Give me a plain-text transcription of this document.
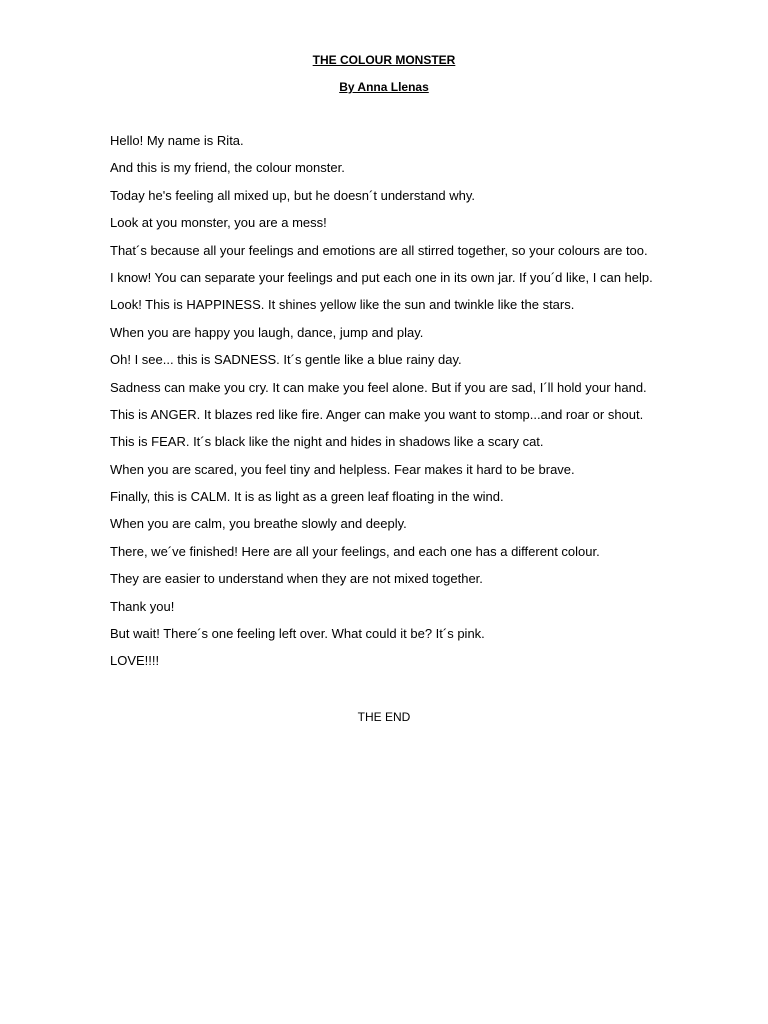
THE COLOUR MONSTER
By Anna Llenas
Hello! My name is Rita.
And this is my friend, the colour monster.
Today he's feeling all mixed up, but he doesn´t understand why.
Look at you monster, you are a mess!
That´s because all your feelings and emotions are all stirred together, so your colours are too.
I know! You can separate your feelings and put each one in its own jar. If you´d like, I can help.
Look! This is HAPPINESS. It shines yellow like the sun and twinkle like the stars.
When you are happy you laugh, dance, jump and play.
Oh! I see... this is SADNESS. It´s gentle like a blue rainy day.
Sadness can make you cry. It can make you feel alone. But if you are sad, I´ll hold your hand.
This is ANGER. It blazes red like fire. Anger can make you want to stomp...and roar or shout.
This is FEAR. It´s black like the night and hides in shadows like a scary cat.
When you are scared, you feel tiny and helpless. Fear makes it hard to be brave.
Finally, this is CALM. It is as light as a green leaf floating in the wind.
When you are calm, you breathe slowly and deeply.
There, we´ve finished! Here are all your feelings, and each one has a different colour.
They are easier to understand when they are not mixed together.
Thank you!
But wait! There´s one feeling left over. What could it be? It´s pink.
LOVE!!!!
THE END
